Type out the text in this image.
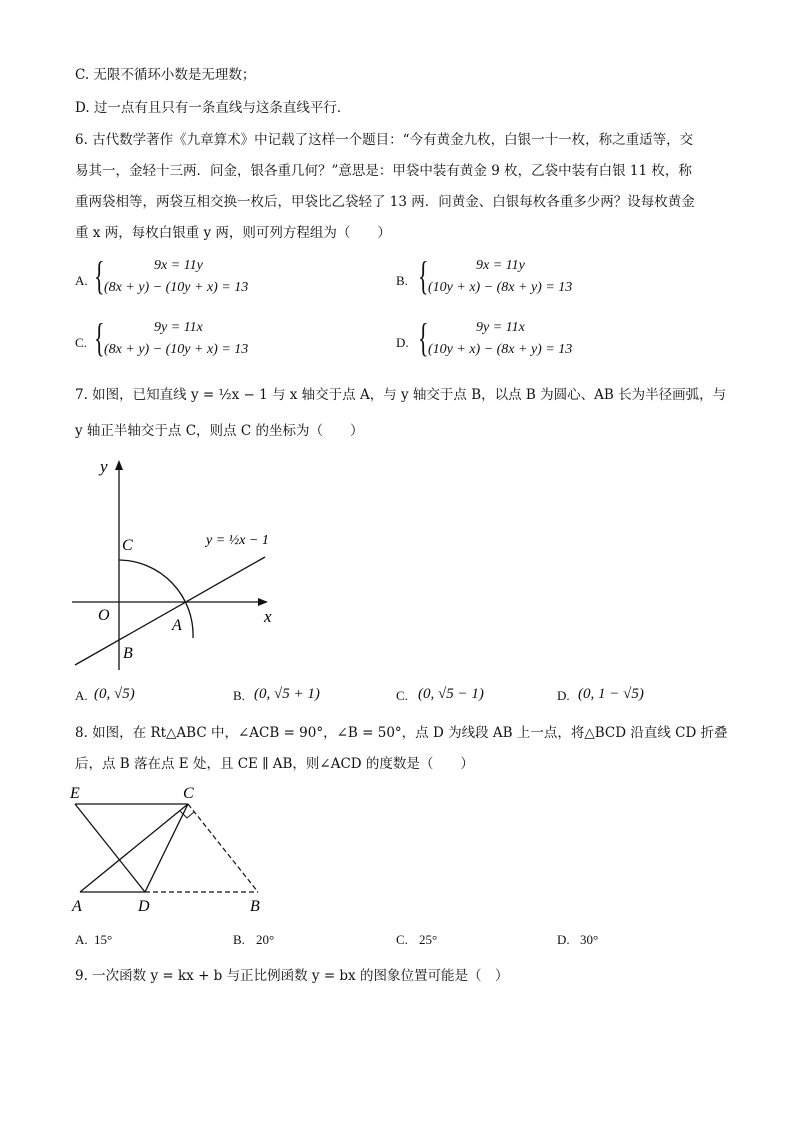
C. 无限不循环小数是无理数；
D. 过一点有且只有一条直线与这条直线平行．
6. 古代数学著作《九章算术》中记载了这样一个题目：“今有黄金九枚，白银一十一枚，称之重适等，交
易其一，金轻十三两．问金，银各重几何？”意思是：甲袋中装有黄金 9 枚，乙袋中装有白银 11 枚，称
重两袋相等，两袋互相交换一枚后，甲袋比乙袋轻了 13 两．问黄金、白银每枚各重多少两？设每枚黄金
重 x 两，每枚白银重 y 两，则可列方程组为（　　）
A. {	9x = 11y
(8x + y) − (10y + x) = 13	B. {	9x = 11y
(10y + x) − (8x + y) = 13
C. {	9y = 11x
(8x + y) − (10y + x) = 13	D. {	9y = 11x
(10y + x) − (8x + y) = 13
7. 如图，已知直线 y = ½x − 1 与 x 轴交于点 A，与 y 轴交于点 B，以点 B 为圆心、AB 长为半径画弧，与
y 轴正半轴交于点 C，则点 C 的坐标为（　　）
y
x
O
C
A
B
y = ½x − 1
A. (0, √5)	B. (0, √5 + 1)	C. (0, √5 − 1)	D. (0, 1 − √5)
8. 如图，在 Rt△ABC 中，∠ACB = 90°，∠B = 50°，点 D 为线段 AB 上一点，将△BCD 沿直线 CD 折叠
后，点 B 落在点 E 处，且 CE ∥ AB，则∠ACD 的度数是（　　）
E	C
A	D	B
A. 15°	B. 20°	C. 25°	D. 30°
9. 一次函数 y = kx + b 与正比例函数 y = bx 的图象位置可能是（　）
